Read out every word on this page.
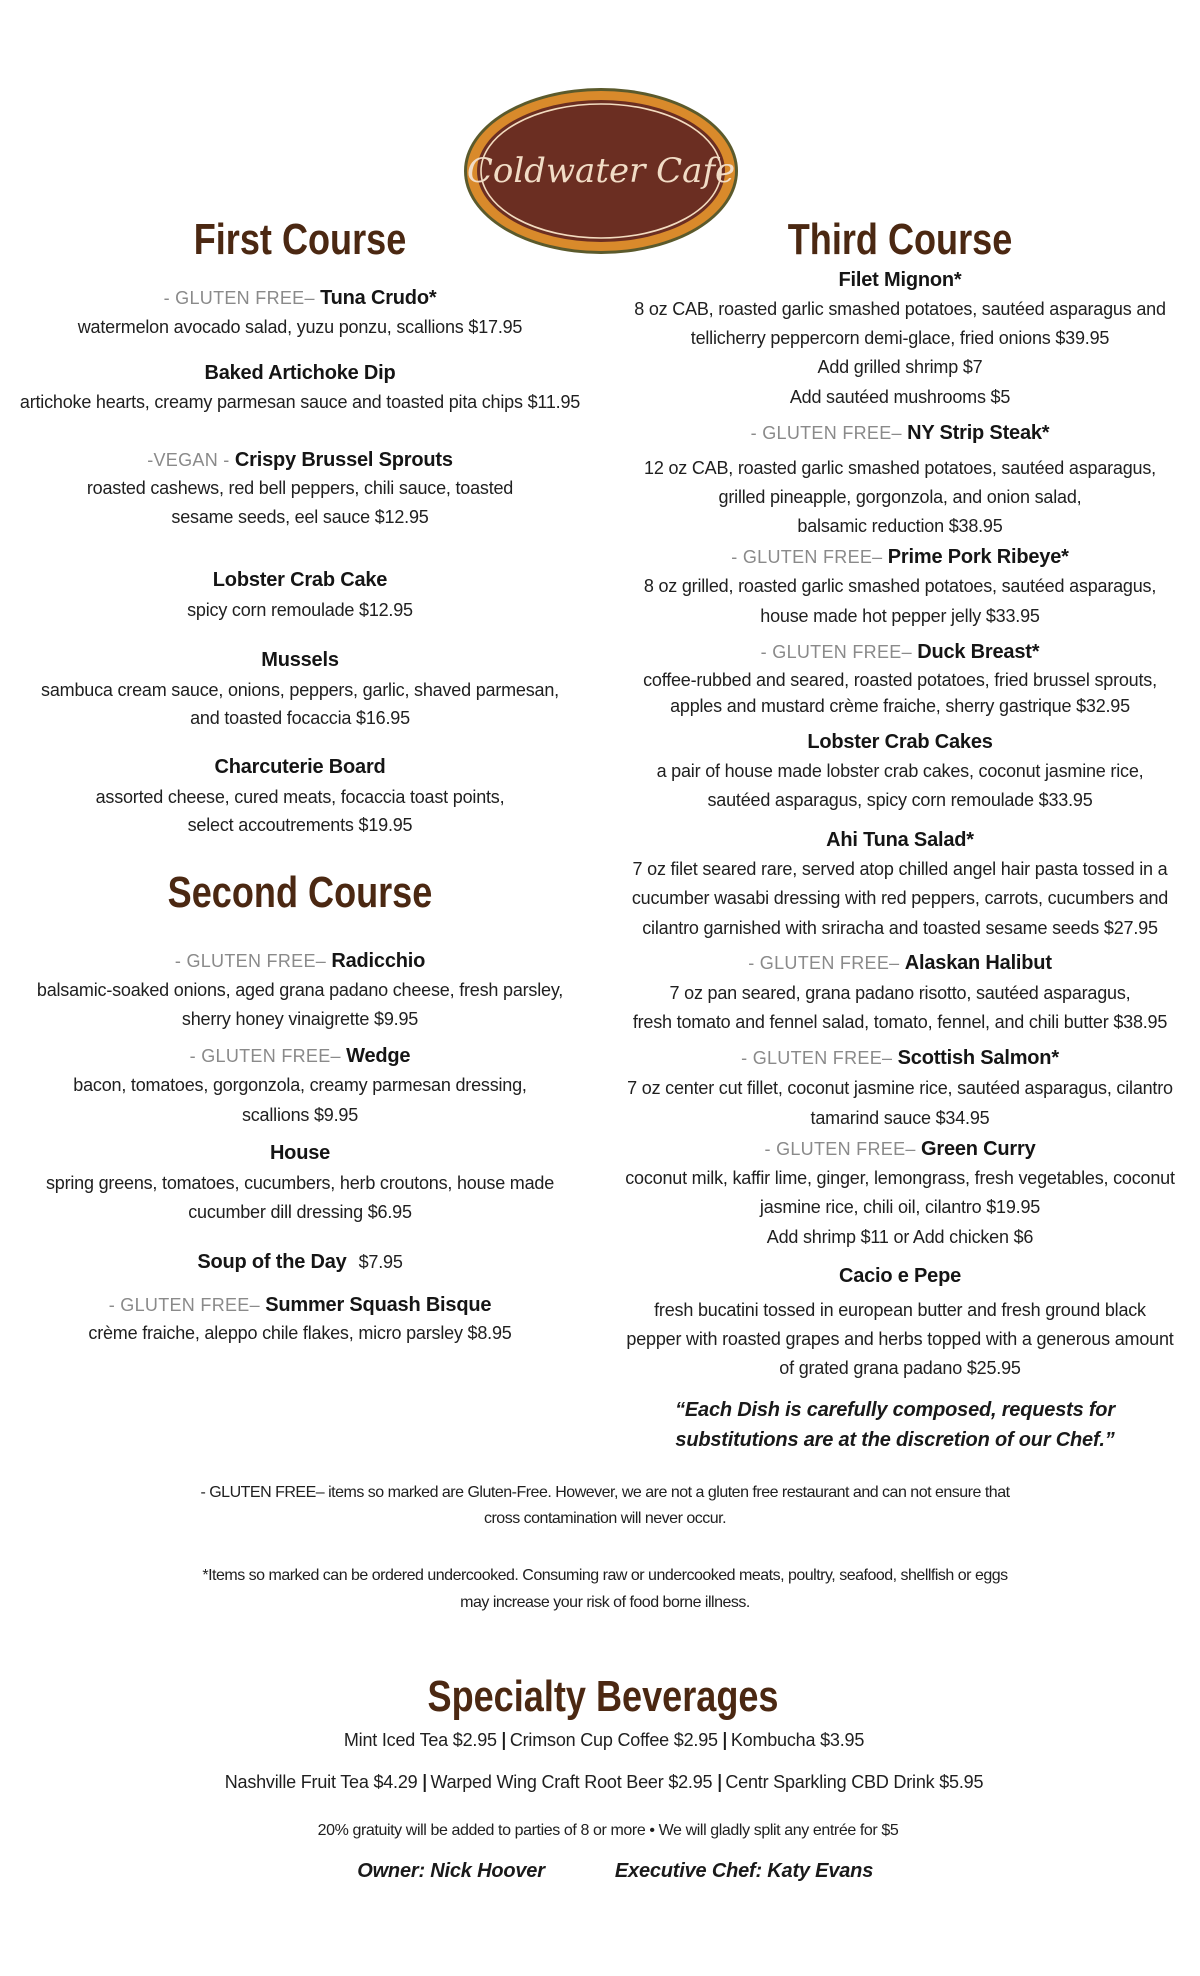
Coldwater Cafe
First Course
- GLUTEN FREE– Tuna Crudo*
watermelon avocado salad, yuzu ponzu, scallions $17.95
Baked Artichoke Dip
artichoke hearts, creamy parmesan sauce and toasted pita chips $11.95
-VEGAN - Crispy Brussel Sprouts
roasted cashews, red bell peppers, chili sauce, toasted
sesame seeds, eel sauce $12.95
Lobster Crab Cake
spicy corn remoulade $12.95
Mussels
sambuca cream sauce, onions, peppers, garlic, shaved parmesan,
and toasted focaccia $16.95
Charcuterie Board
assorted cheese, cured meats, focaccia toast points,
select accoutrements $19.95
Second Course
- GLUTEN FREE– Radicchio
balsamic-soaked onions, aged grana padano cheese, fresh parsley,
sherry honey vinaigrette $9.95
- GLUTEN FREE– Wedge
bacon, tomatoes, gorgonzola, creamy parmesan dressing,
scallions $9.95
House
spring greens, tomatoes, cucumbers, herb croutons, house made
cucumber dill dressing $6.95
Soup of the Day $7.95
- GLUTEN FREE– Summer Squash Bisque
crème fraiche, aleppo chile flakes, micro parsley $8.95
Third Course
Filet Mignon*
8 oz CAB, roasted garlic smashed potatoes, sautéed asparagus and
tellicherry peppercorn demi-glace, fried onions $39.95
Add grilled shrimp $7
Add sautéed mushrooms $5
- GLUTEN FREE– NY Strip Steak*
12 oz CAB, roasted garlic smashed potatoes, sautéed asparagus,
grilled pineapple, gorgonzola, and onion salad,
balsamic reduction $38.95
- GLUTEN FREE– Prime Pork Ribeye*
8 oz grilled, roasted garlic smashed potatoes, sautéed asparagus,
house made hot pepper jelly $33.95
- GLUTEN FREE– Duck Breast*
coffee-rubbed and seared, roasted potatoes, fried brussel sprouts,
apples and mustard crème fraiche, sherry gastrique $32.95
Lobster Crab Cakes
a pair of house made lobster crab cakes, coconut jasmine rice,
sautéed asparagus, spicy corn remoulade $33.95
Ahi Tuna Salad*
7 oz filet seared rare, served atop chilled angel hair pasta tossed in a
cucumber wasabi dressing with red peppers, carrots, cucumbers and
cilantro garnished with sriracha and toasted sesame seeds $27.95
- GLUTEN FREE– Alaskan Halibut
7 oz pan seared, grana padano risotto, sautéed asparagus,
fresh tomato and fennel salad, tomato, fennel, and chili butter $38.95
- GLUTEN FREE– Scottish Salmon*
7 oz center cut fillet, coconut jasmine rice, sautéed asparagus, cilantro
tamarind sauce $34.95
- GLUTEN FREE– Green Curry
coconut milk, kaffir lime, ginger, lemongrass, fresh vegetables, coconut
jasmine rice, chili oil, cilantro $19.95
Add shrimp $11 or Add chicken $6
Cacio e Pepe
fresh bucatini tossed in european butter and fresh ground black
pepper with roasted grapes and herbs topped with a generous amount
of grated grana padano $25.95
“Each Dish is carefully composed, requests for
substitutions are at the discretion of our Chef.”
- GLUTEN FREE– items so marked are Gluten-Free. However, we are not a gluten free restaurant and can not ensure that
cross contamination will never occur.
*Items so marked can be ordered undercooked. Consuming raw or undercooked meats, poultry, seafood, shellfish or eggs
may increase your risk of food borne illness.
Specialty Beverages
Mint Iced Tea $2.95 Crimson Cup Coffee $2.95 Kombucha $3.95
Nashville Fruit Tea $4.29 Warped Wing Craft Root Beer $2.95 Centr Sparkling CBD Drink $5.95
20% gratuity will be added to parties of 8 or more • We will gladly split any entrée for $5
Owner: Nick Hoover	Executive Chef: Katy Evans
